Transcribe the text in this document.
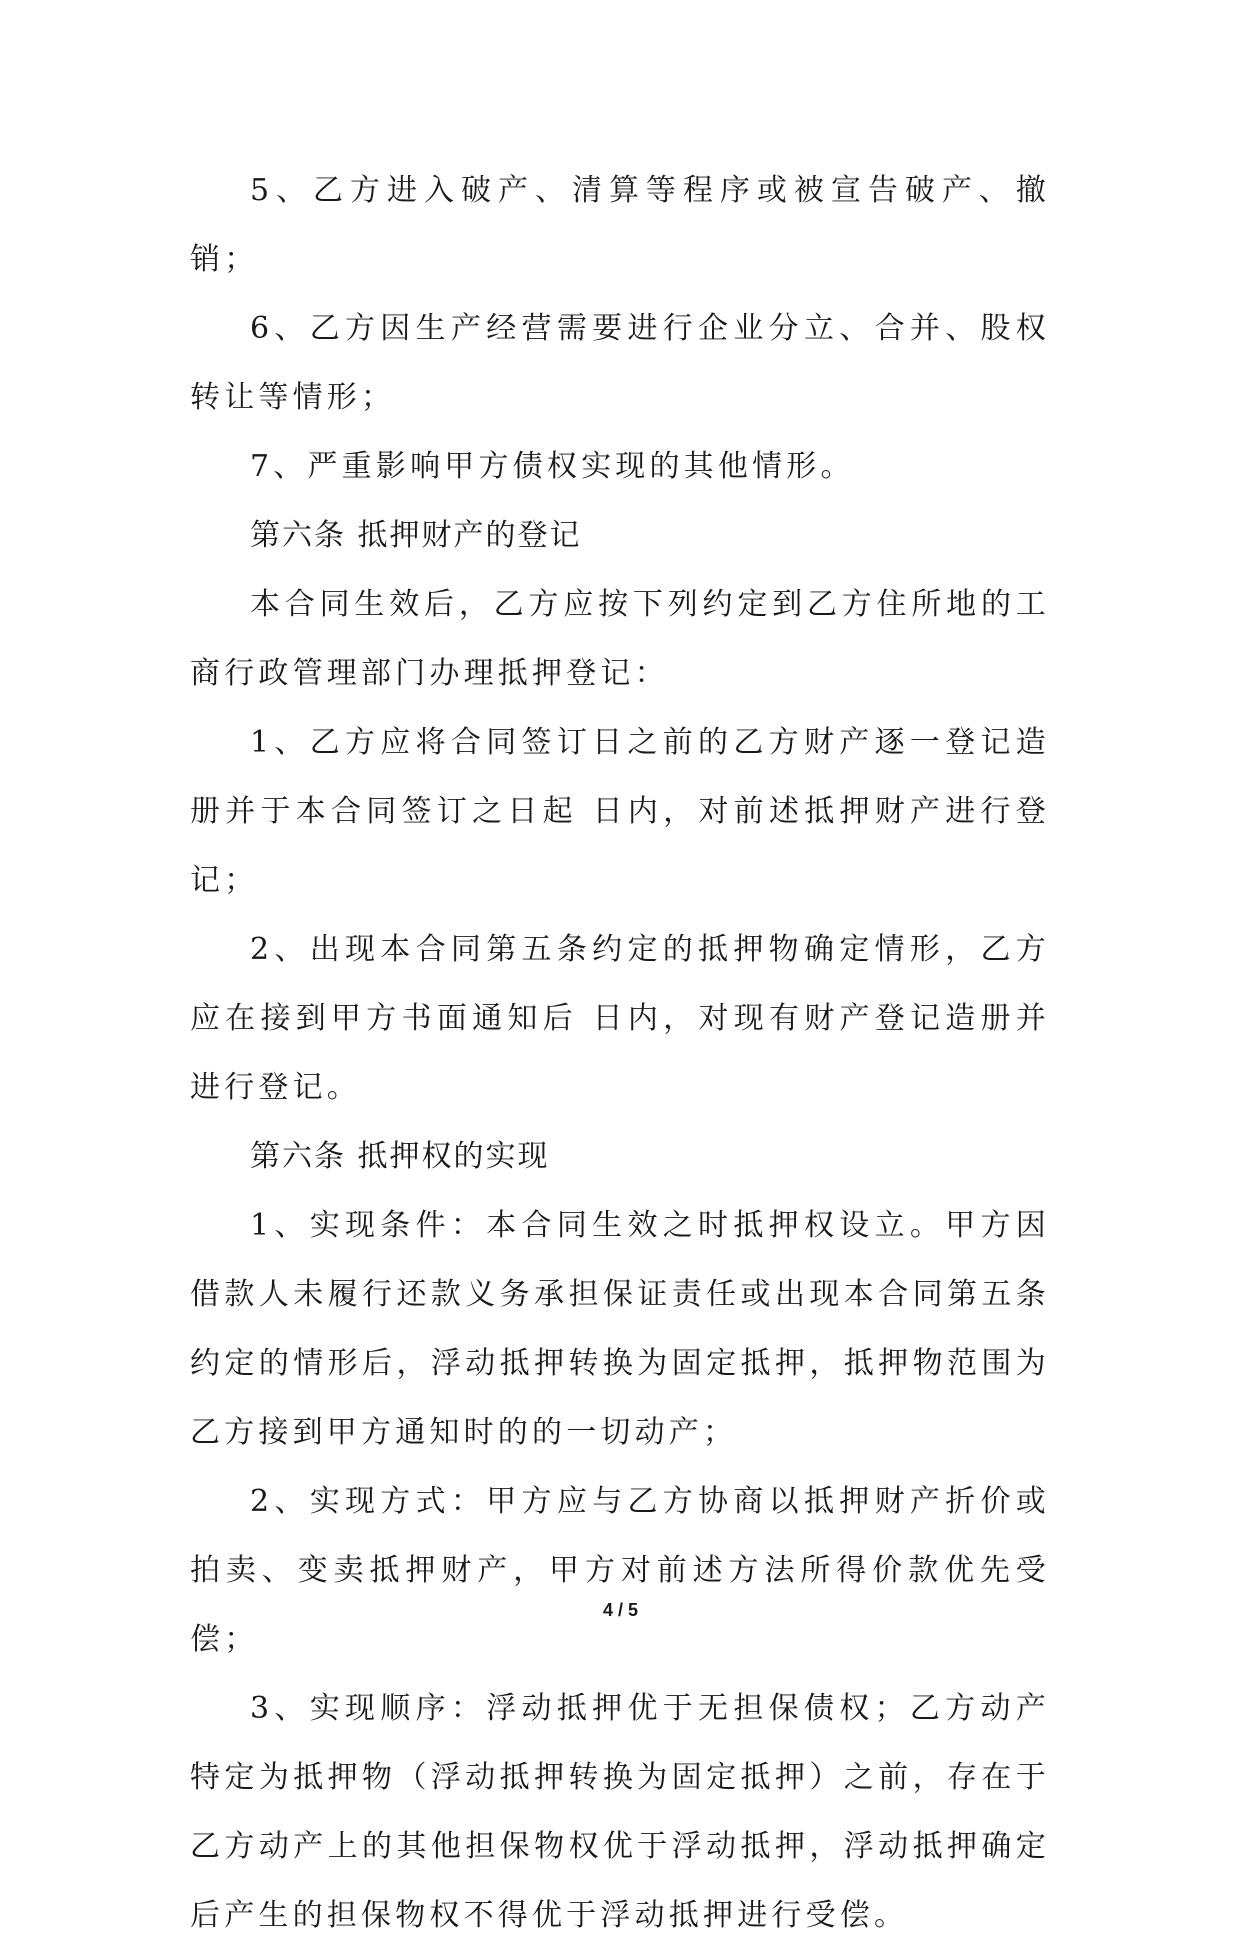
5、乙方进入破产、清算等程序或被宣告破产、撤销；

6、乙方因生产经营需要进行企业分立、合并、股权转让等情形；

7、严重影响甲方债权实现的其他情形。

第六条 抵押财产的登记

本合同生效后，乙方应按下列约定到乙方住所地的工商行政管理部门办理抵押登记：

1、乙方应将合同签订日之前的乙方财产逐一登记造册并于本合同签订之日起 日内，对前述抵押财产进行登记；

2、出现本合同第五条约定的抵押物确定情形，乙方应在接到甲方书面通知后 日内，对现有财产登记造册并进行登记。

第六条 抵押权的实现

1、实现条件：本合同生效之时抵押权设立。甲方因借款人未履行还款义务承担保证责任或出现本合同第五条约定的情形后，浮动抵押转换为固定抵押，抵押物范围为乙方接到甲方通知时的的一切动产；

2、实现方式：甲方应与乙方协商以抵押财产折价或拍卖、变卖抵押财产，甲方对前述方法所得价款优先受偿；

3、实现顺序：浮动抵押优于无担保债权；乙方动产特定为抵押物（浮动抵押转换为固定抵押）之前，存在于乙方动产上的其他担保物权优于浮动抵押，浮动抵押确定后产生的担保物权不得优于浮动抵押进行受偿。

4 / 5
